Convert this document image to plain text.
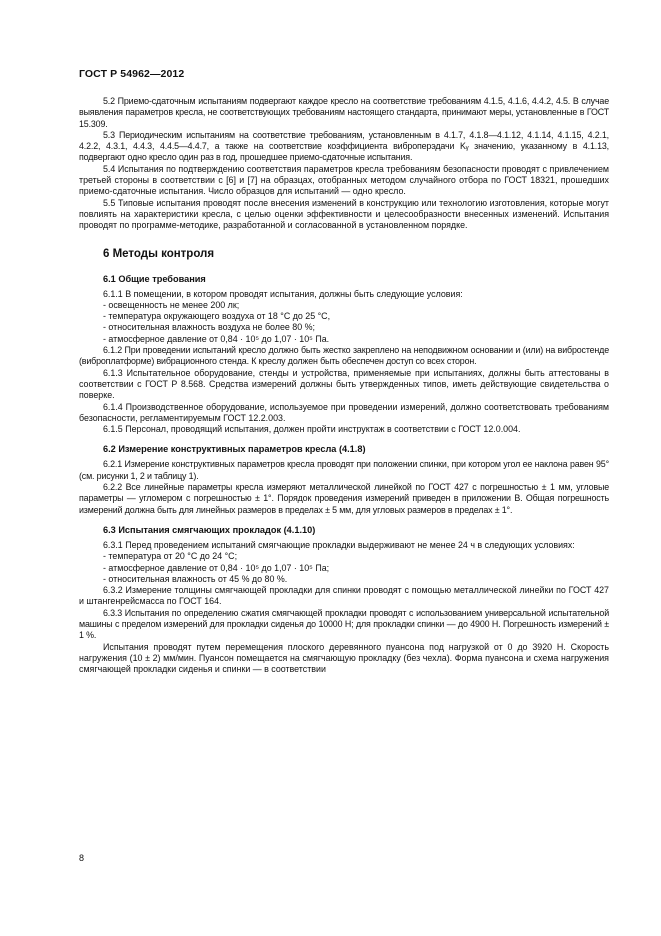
ГОСТ Р 54962—2012

5.2 Приемо-сдаточным испытаниям подвергают каждое кресло на соответствие требованиям 4.1.5, 4.1.6, 4.4.2, 4.5. В случае выявления параметров кресла, не соответствующих требованиям настоящего стандарта, принимают меры, установленные в ГОСТ 15.309.

5.3 Периодическим испытаниям на соответствие требованиям, установленным в 4.1.7, 4.1.8—4.1.12, 4.1.14, 4.1.15, 4.2.1, 4.2.2, 4.3.1, 4.4.3, 4.4.5—4.4.7, а также на соответствие коэффициента виброперэдачи Kᵧ значению, указанному в 4.1.13, подвергают одно кресло один раз в год, прошедшее приемо-сдаточные испытания.

5.4 Испытания по подтверждению соответствия параметров кресла требованиям безопасности проводят с привлечением третьей стороны в соответствии с [6] и [7] на образцах, отобранных методом случайного отбора по ГОСТ 18321, прошедших приемо-сдаточные испытания. Число образцов для испытаний — одно кресло.

5.5 Типовые испытания проводят после внесения изменений в конструкцию или технологию изготовления, которые могут повлиять на характеристики кресла, с целью оценки эффективности и целесообразности внесенных изменений. Испытания проводят по программе-методике, разработанной и согласованной в установленном порядке.

6 Методы контроля
6.1 Общие требования

6.1.1 В помещении, в котором проводят испытания, должны быть следующие условия:

- освещенность не менее 200 лк;

- температура окружающего воздуха от 18 °С до 25 °С,

- относительная влажность воздуха не более 80 %;

- атмосферное давление от 0,84 · 10⁵ до 1,07 · 10⁵ Па.

6.1.2 При проведении испытаний кресло должно быть жестко закреплено на неподвижном основании и (или) на вибростенде (виброплатформе) вибрационного стенда. К креслу должен быть обеспечен доступ со всех сторон.

6.1.3 Испытательное оборудование, стенды и устройства, применяемые при испытаниях, должны быть аттестованы в соответствии с ГОСТ Р 8.568. Средства измерений должны быть утвержденных типов, иметь действующие свидетельства о поверке.

6.1.4 Производственное оборудование, используемое при проведении измерений, должно соответствовать требованиям безопасности, регламентируемым ГОСТ 12.2.003.

6.1.5 Персонал, проводящий испытания, должен пройти инструктаж в соответствии с ГОСТ 12.0.004.

6.2 Измерение конструктивных параметров кресла (4.1.8)

6.2.1 Измерение конструктивных параметров кресла проводят при положении спинки, при котором угол ее наклона равен 95° (см. рисунки 1, 2 и таблицу 1).

6.2.2 Все линейные параметры кресла измеряют металлической линейкой по ГОСТ 427 с погрешностью ± 1 мм, угловые параметры — угломером с погрешностью ± 1°. Порядок проведения измерений приведен в приложении В. Общая погрешность измерений должна быть для линейных размеров в пределах ± 5 мм, для угловых размеров в пределах ± 1°.

6.3 Испытания смягчающих прокладок (4.1.10)

6.3.1 Перед проведением испытаний смягчающие прокладки выдерживают не менее 24 ч в следующих условиях:

- температура от 20 °С до 24 °С;

- атмосферное давление от 0,84 · 10⁵ до 1,07 · 10⁵ Па;

- относительная влажность от 45 % до 80 %.

6.3.2 Измерение толщины смягчающей прокладки для спинки проводят с помощью металлической линейки по ГОСТ 427 и штангенрейсмасса по ГОСТ 164.

6.3.3 Испытания по определению сжатия смягчающей прокладки проводят с использованием универсальной испытательной машины с пределом измерений для прокладки сиденья до 10000 Н; для прокладки спинки — до 4900 Н. Погрешность измерений ± 1 %.

Испытания проводят путем перемещения плоского деревянного пуансона под нагрузкой от 0 до 3920 Н. Скорость нагружения (10 ± 2) мм/мин. Пуансон помещается на смягчающую прокладку (без чехла). Форма пуансона и схема нагружения смягчающей прокладки сиденья и спинки — в соответствии

8
